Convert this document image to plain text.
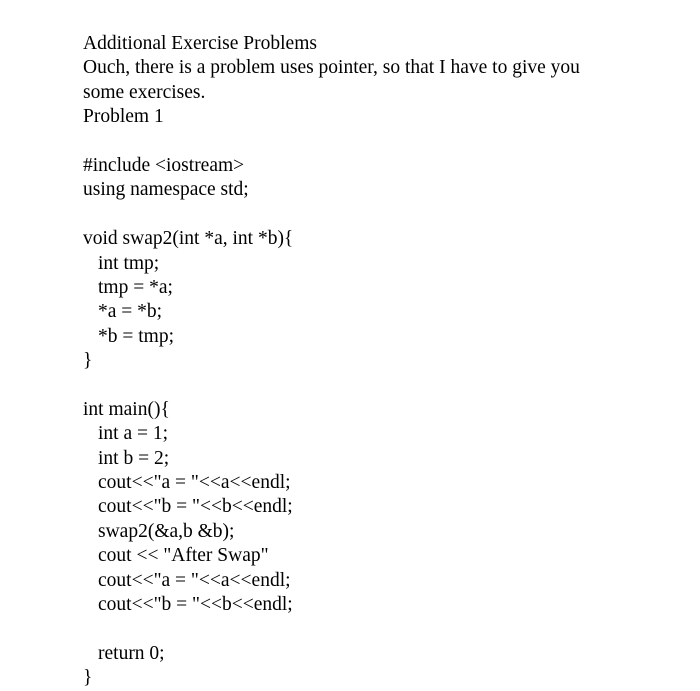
Additional Exercise Problems
Ouch, there is a problem uses pointer, so that I have to give you
some exercises.
Problem 1
#include <iostream>
using namespace std;
void swap2(int *a, int *b){
int tmp;
tmp = *a;
*a = *b;
*b = tmp;
}
int main(){
int a = 1;
int b = 2;
cout<<"a = "<<a<<endl;
cout<<"b = "<<b<<endl;
swap2(&a,b &b);
cout << "After Swap"
cout<<"a = "<<a<<endl;
cout<<"b = "<<b<<endl;
return 0;
}
